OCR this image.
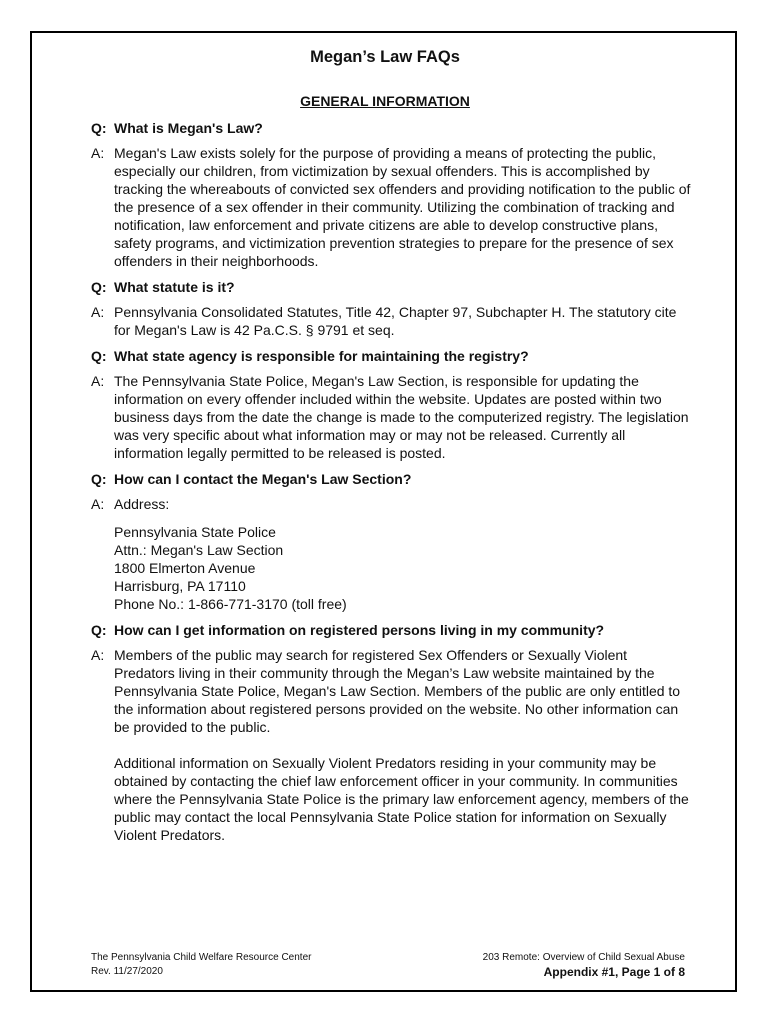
Megan’s Law FAQs
GENERAL INFORMATION
Q: What is Megan's Law?
A: Megan's Law exists solely for the purpose of providing a means of protecting the public, especially our children, from victimization by sexual offenders. This is accomplished by tracking the whereabouts of convicted sex offenders and providing notification to the public of the presence of a sex offender in their community. Utilizing the combination of tracking and notification, law enforcement and private citizens are able to develop constructive plans, safety programs, and victimization prevention strategies to prepare for the presence of sex offenders in their neighborhoods.
Q: What statute is it?
A: Pennsylvania Consolidated Statutes, Title 42, Chapter 97, Subchapter H. The statutory cite for Megan's Law is 42 Pa.C.S. § 9791 et seq.
Q: What state agency is responsible for maintaining the registry?
A: The Pennsylvania State Police, Megan's Law Section, is responsible for updating the information on every offender included within the website. Updates are posted within two business days from the date the change is made to the computerized registry. The legislation was very specific about what information may or may not be released. Currently all information legally permitted to be released is posted.
Q: How can I contact the Megan's Law Section?
A: Address:
Pennsylvania State Police
Attn.: Megan's Law Section
1800 Elmerton Avenue
Harrisburg, PA 17110
Phone No.: 1-866-771-3170 (toll free)
Q: How can I get information on registered persons living in my community?
A: Members of the public may search for registered Sex Offenders or Sexually Violent Predators living in their community through the Megan’s Law website maintained by the Pennsylvania State Police, Megan's Law Section. Members of the public are only entitled to the information about registered persons provided on the website. No other information can be provided to the public.
Additional information on Sexually Violent Predators residing in your community may be obtained by contacting the chief law enforcement officer in your community. In communities where the Pennsylvania State Police is the primary law enforcement agency, members of the public may contact the local Pennsylvania State Police station for information on Sexually Violent Predators.
The Pennsylvania Child Welfare Resource Center
Rev. 11/27/2020
203 Remote: Overview of Child Sexual Abuse
Appendix #1, Page 1 of 8
